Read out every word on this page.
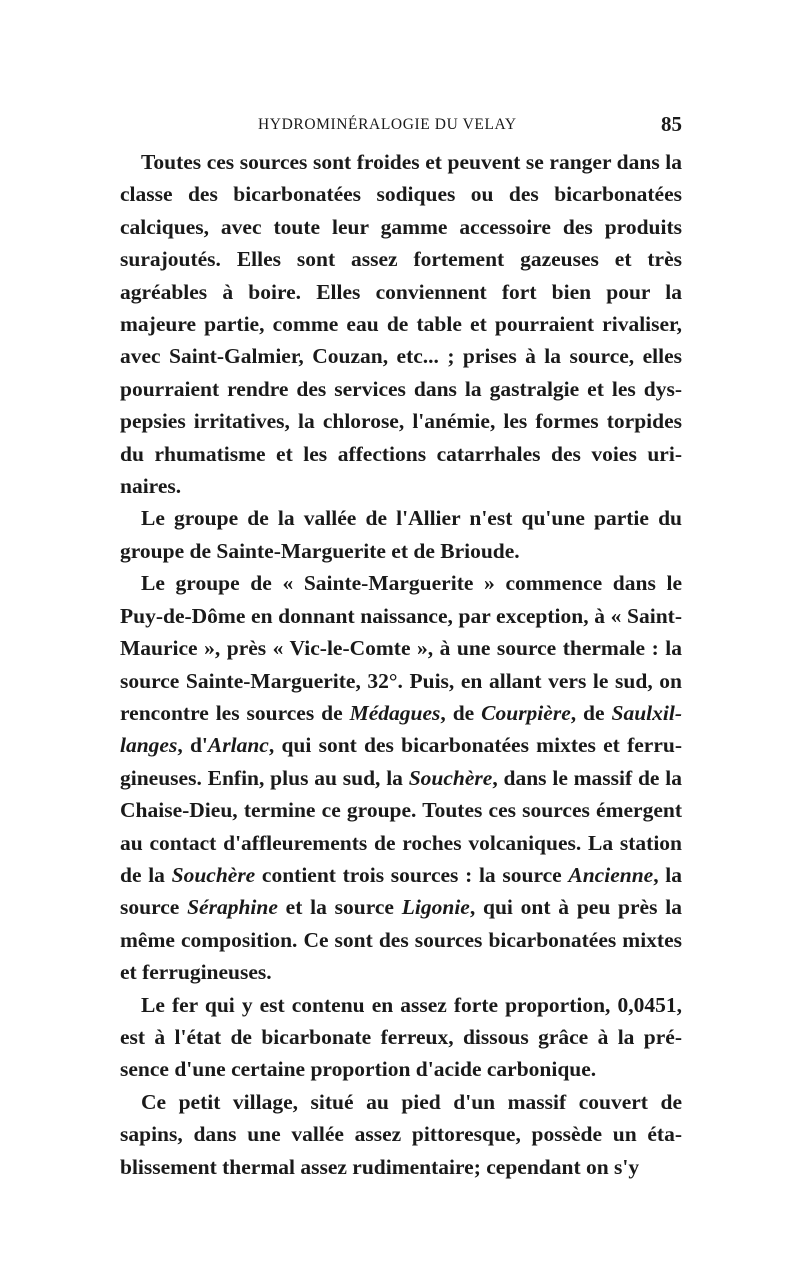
HYDROMINÉRALOGIE DU VELAY	85

Toutes ces sources sont froides et peuvent se ranger dans la classe des bicarbonatées sodiques ou des bicarbonatées calciques, avec toute leur gamme accessoire des produits surajoutés. Elles sont assez fortement gazeuses et très agréables à boire. Elles conviennent fort bien pour la majeure partie, comme eau de table et pourraient rivaliser, avec Saint-Galmier, Couzan, etc... ; prises à la source, elles pourraient rendre des services dans la gastralgie et les dyspepsies irritatives, la chlorose, l'anémie, les formes torpides du rhumatisme et les affections catarrhales des voies urinaires.

Le groupe de la vallée de l'Allier n'est qu'une partie du groupe de Sainte-Marguerite et de Brioude.

Le groupe de « Sainte-Marguerite » commence dans le Puy-de-Dôme en donnant naissance, par exception, à « Saint-Maurice », près « Vic-le-Comte », à une source thermale : la source Sainte-Marguerite, 32°. Puis, en allant vers le sud, on rencontre les sources de Médagues, de Courpière, de Saulxillanges, d'Arlanc, qui sont des bicarbonatées mixtes et ferrugineuses. Enfin, plus au sud, la Souchère, dans le massif de la Chaise-Dieu, termine ce groupe. Toutes ces sources émergent au contact d'affleurements de roches volcaniques. La station de la Souchère contient trois sources : la source Ancienne, la source Séraphine et la source Ligonie, qui ont à peu près la même composition. Ce sont des sources bicarbonatées mixtes et ferrugineuses.

Le fer qui y est contenu en assez forte proportion, 0,0451, est à l'état de bicarbonate ferreux, dissous grâce à la présence d'une certaine proportion d'acide carbonique.

Ce petit village, situé au pied d'un massif couvert de sapins, dans une vallée assez pittoresque, possède un établissement thermal assez rudimentaire; cependant on s'y
